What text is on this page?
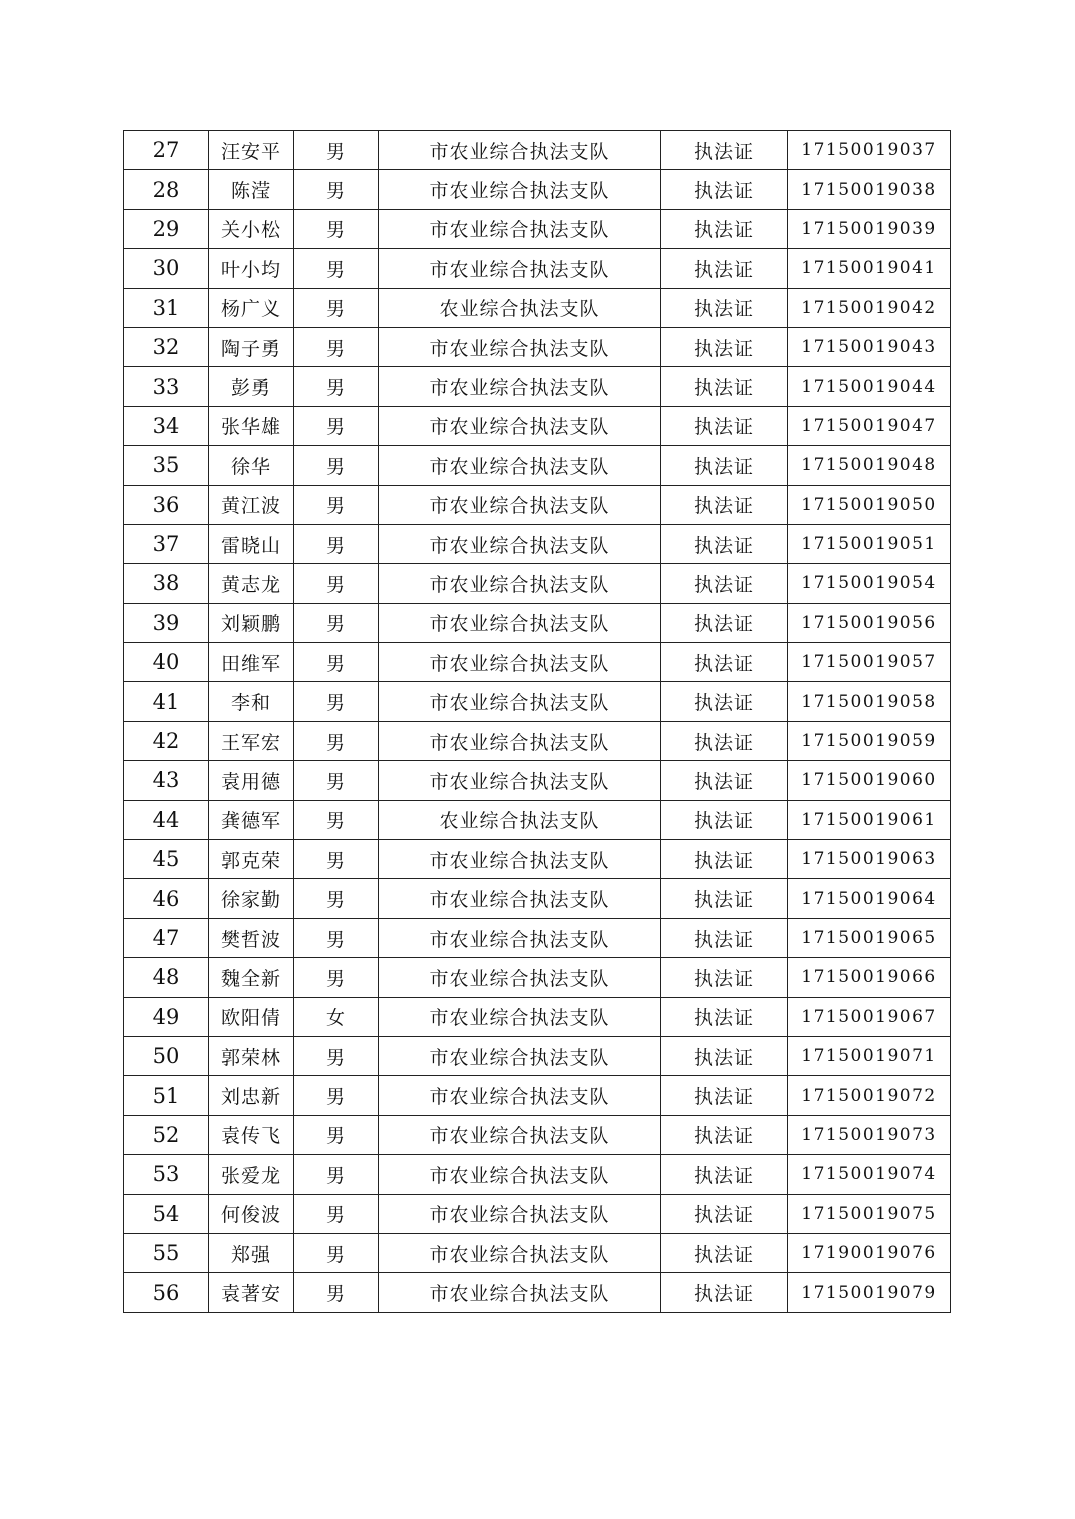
27	汪安平	男	市农业综合执法支队	执法证	17150019037
28	陈滢	男	市农业综合执法支队	执法证	17150019038
29	关小松	男	市农业综合执法支队	执法证	17150019039
30	叶小均	男	市农业综合执法支队	执法证	17150019041
31	杨广义	男	农业综合执法支队	执法证	17150019042
32	陶子勇	男	市农业综合执法支队	执法证	17150019043
33	彭勇	男	市农业综合执法支队	执法证	17150019044
34	张华雄	男	市农业综合执法支队	执法证	17150019047
35	徐华	男	市农业综合执法支队	执法证	17150019048
36	黄江波	男	市农业综合执法支队	执法证	17150019050
37	雷晓山	男	市农业综合执法支队	执法证	17150019051
38	黄志龙	男	市农业综合执法支队	执法证	17150019054
39	刘颖鹏	男	市农业综合执法支队	执法证	17150019056
40	田维军	男	市农业综合执法支队	执法证	17150019057
41	李和	男	市农业综合执法支队	执法证	17150019058
42	王军宏	男	市农业综合执法支队	执法证	17150019059
43	袁用德	男	市农业综合执法支队	执法证	17150019060
44	龚德军	男	农业综合执法支队	执法证	17150019061
45	郭克荣	男	市农业综合执法支队	执法证	17150019063
46	徐家勤	男	市农业综合执法支队	执法证	17150019064
47	樊哲波	男	市农业综合执法支队	执法证	17150019065
48	魏全新	男	市农业综合执法支队	执法证	17150019066
49	欧阳倩	女	市农业综合执法支队	执法证	17150019067
50	郭荣林	男	市农业综合执法支队	执法证	17150019071
51	刘忠新	男	市农业综合执法支队	执法证	17150019072
52	袁传飞	男	市农业综合执法支队	执法证	17150019073
53	张爱龙	男	市农业综合执法支队	执法证	17150019074
54	何俊波	男	市农业综合执法支队	执法证	17150019075
55	郑强	男	市农业综合执法支队	执法证	17190019076
56	袁著安	男	市农业综合执法支队	执法证	17150019079
